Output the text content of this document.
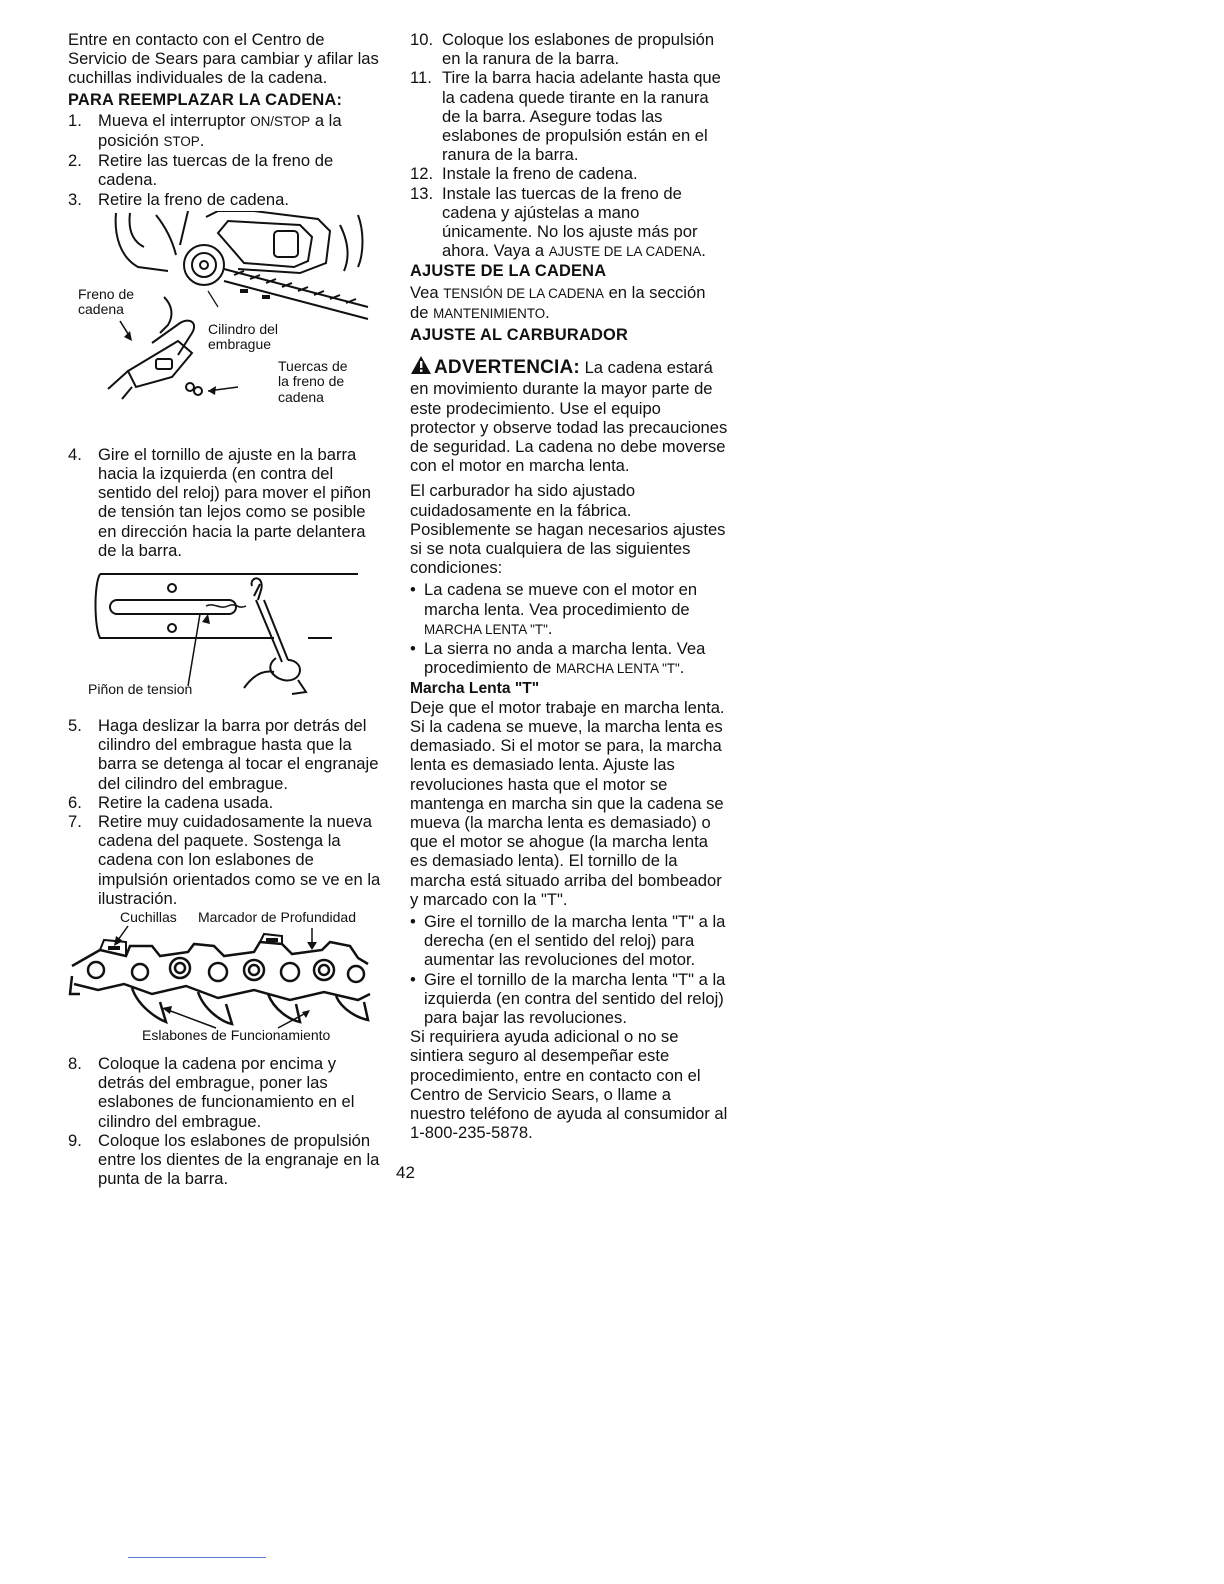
Entre en contacto con el Centro de Servicio de Sears para cambiar y afilar las cuchillas individuales de la cadena.

PARA REEMPLAZAR LA CADENA:
1. Mueva el interruptor ON/STOP a la posición STOP.
2. Retire las tuercas de la freno de cadena.
3. Retire la freno de cadena.
Freno de cadena
Cilindro del embrague
Tuercas de la freno de cadena
4. Gire el tornillo de ajuste en la barra hacia la izquierda (en contra del sentido del reloj) para mover el piñon de tensión tan lejos como se posible en dirección hacia la parte delantera de la barra.
Piñon de tension
5. Haga deslizar la barra por detrás del cilindro del embrague hasta que la barra se detenga al tocar el engranaje del cilindro del embrague.
6. Retire la cadena usada.
7. Retire muy cuidadosamente la nueva cadena del paquete. Sostenga la cadena con lon eslabones de impulsión orientados como se ve en la ilustración.
Cuchillas	Marcador de Profundidad
Eslabones de Funcionamiento
8. Coloque la cadena por encima y detrás del embrague, poner las eslabones de funcionamiento en el cilindro del embrague.
9. Coloque los eslabones de propulsión entre los dientes de la engranaje en la punta de la barra.
10. Coloque los eslabones de propulsión en la ranura de la barra.
11. Tire la barra hacia adelante hasta que la cadena quede tirante en la ranura de la barra. Asegure todas las eslabones de propulsión están en el ranura de la barra.
12. Instale la freno de cadena.
13. Instale las tuercas de la freno de cadena y ajústelas a mano únicamente. No los ajuste más por ahora. Vaya a AJUSTE DE LA CADENA.
AJUSTE DE LA CADENA

Vea TENSIÓN DE LA CADENA en la sección de MANTENIMIENTO.

AJUSTE AL CARBURADOR

ADVERTENCIA: La cadena estará en movimiento durante la mayor parte de este prodecimiento. Use el equipo protector y observe todad las precauciones de seguridad. La cadena no debe moverse con el motor en marcha lenta.

El carburador ha sido ajustado cuidadosamente en la fábrica. Posiblemente se hagan necesarios ajustes si se nota cualquiera de las siguientes condiciones:

• La cadena se mueve con el motor en marcha lenta. Vea procedimiento de MARCHA LENTA "T".
• La sierra no anda a marcha lenta. Vea procedimiento de MARCHA LENTA "T".
Marcha Lenta "T"

Deje que el motor trabaje en marcha lenta. Si la cadena se mueve, la marcha lenta es demasiado. Si el motor se para, la marcha lenta es demasiado lenta. Ajuste las revoluciones hasta que el motor se mantenga en marcha sin que la cadena se mueva (la marcha lenta es demasiado) o que el motor se ahogue (la marcha lenta es demasiado lenta). El tornillo de la marcha está situado arriba del bombeador y marcado con la "T".

• Gire el tornillo de la marcha lenta "T" a la derecha (en el sentido del reloj) para aumentar las revoluciones del motor.
• Gire el tornillo de la marcha lenta "T" a la izquierda (en contra del sentido del reloj) para bajar las revoluciones.

Si requiriera ayuda adicional o no se sintiera seguro al desempeñar este procedimiento, entre en contacto con el Centro de Servicio Sears, o llame a nuestro teléfono de ayuda al consumidor al 1-800-235-5878.

42
